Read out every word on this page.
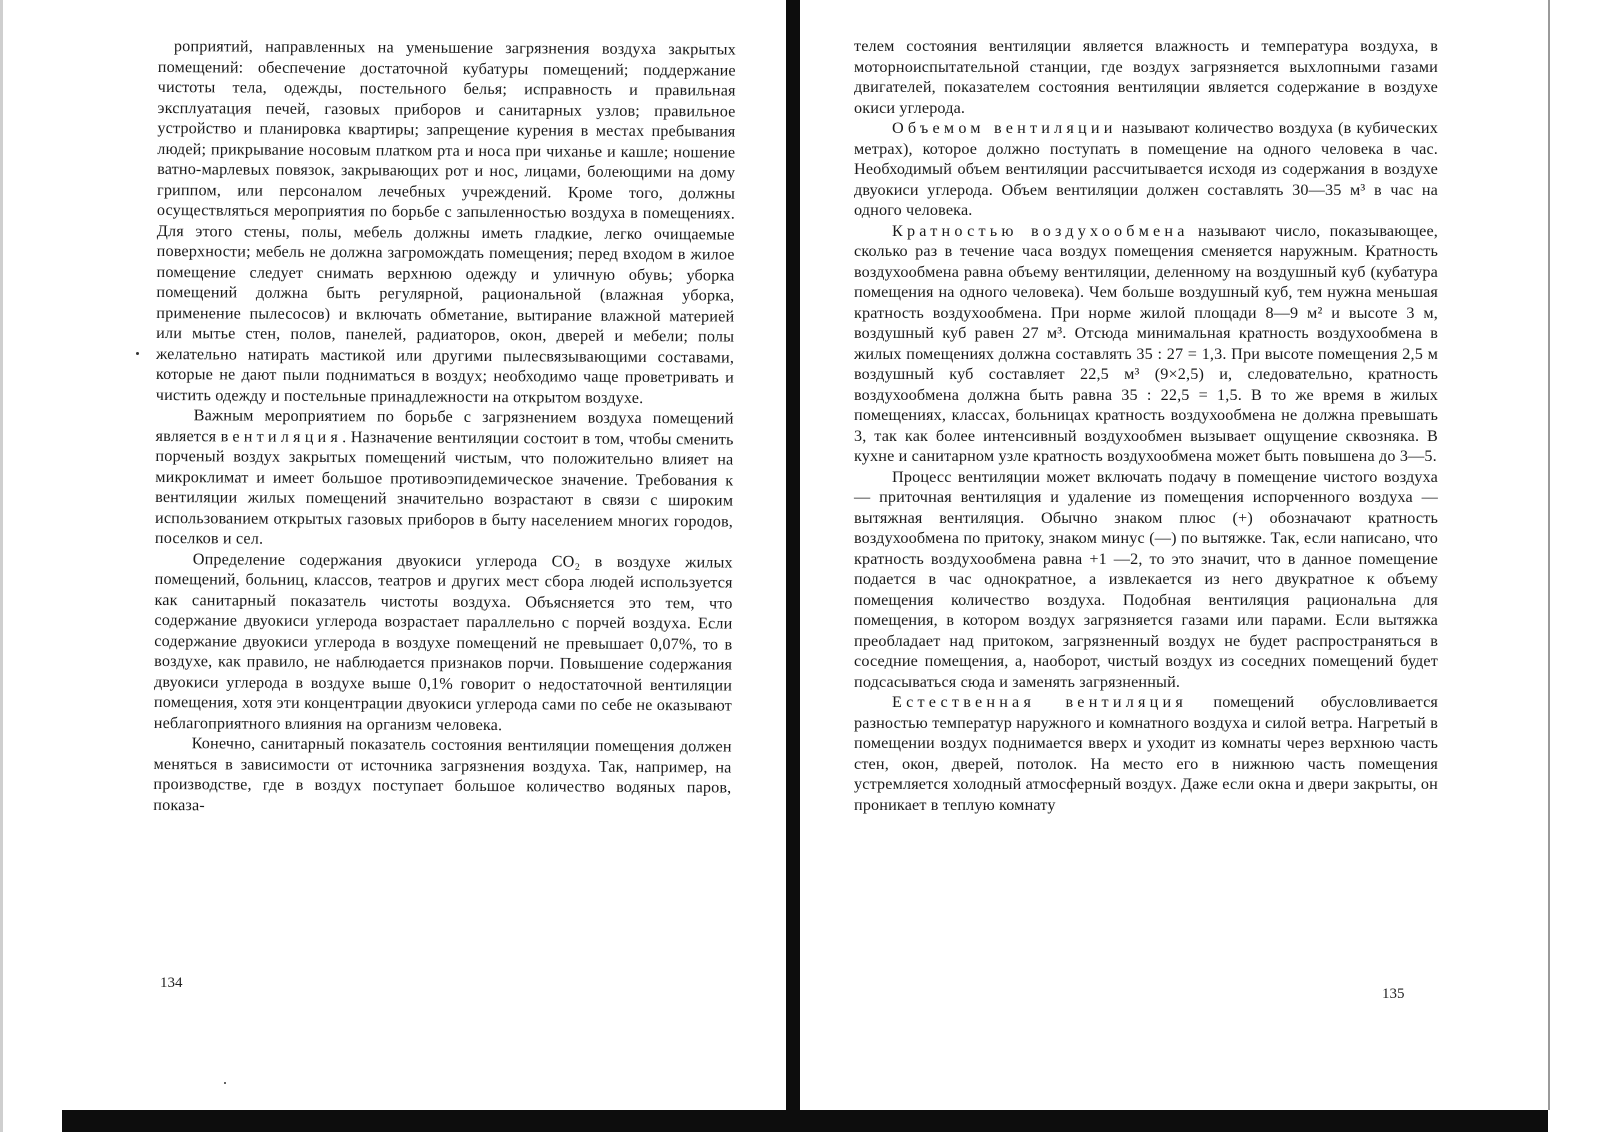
роприятий, направленных на уменьшение загрязнения воздуха закрытых помещений: обеспечение достаточной кубатуры помещений; поддержание чистоты тела, одежды, постельного белья; исправность и правильная эксплуатация печей, газовых приборов и санитарных узлов; правильное устройство и планировка квартиры; запрещение курения в местах пребывания людей; прикрывание носовым платком рта и носа при чиханье и кашле; ношение ватно-марлевых повязок, закрывающих рот и нос, лицами, болеющими на дому гриппом, или персоналом лечебных учреждений. Кроме того, должны осуществляться мероприятия по борьбе с запыленностью воздуха в помещениях. Для этого стены, полы, мебель должны иметь гладкие, легко очищаемые поверхности; мебель не должна загромождать помещения; перед входом в жилое помещение следует снимать верхнюю одежду и уличную обувь; уборка помещений должна быть регулярной, рациональной (влажная уборка, применение пылесосов) и включать обметание, вытирание влажной материей или мытье стен, полов, панелей, радиаторов, окон, дверей и мебели; полы желательно натирать мастикой или другими пылесвязывающими составами, которые не дают пыли подниматься в воздух; необходимо чаще проветривать и чистить одежду и постельные принадлежности на открытом воздухе.

Важным мероприятием по борьбе с загрязнением воздуха помещений является вентиляция. Назначение вентиляции состоит в том, чтобы сменить порченый воздух закрытых помещений чистым, что положительно влияет на микроклимат и имеет большое противоэпидемическое значение. Требования к вентиляции жилых помещений значительно возрастают в связи с широким использованием открытых газовых приборов в быту населением многих городов, поселков и сел.

Определение содержания двуокиси углерода CO₂ в воздухе жилых помещений, больниц, классов, театров и других мест сбора людей используется как санитарный показатель чистоты воздуха. Объясняется это тем, что содержание двуокиси углерода возрастает параллельно с порчей воздуха. Если содержание двуокиси углерода в воздухе помещений не превышает 0,07%, то в воздухе, как правило, не наблюдается признаков порчи. Повышение содержания двуокиси углерода в воздухе выше 0,1% говорит о недостаточной вентиляции помещения, хотя эти концентрации двуокиси углерода сами по себе не оказывают неблагоприятного влияния на организм человека.

Конечно, санитарный показатель состояния вентиляции помещения должен меняться в зависимости от источника загрязнения воздуха. Так, например, на производстве, где в воздух поступает большое количество водяных паров, показа-

134

телем состояния вентиляции является влажность и температура воздуха, в моторноиспытательной станции, где воздух загрязняется выхлопными газами двигателей, показателем состояния вентиляции является содержание в воздухе окиси углерода.

Объемом вентиляции называют количество воздуха (в кубических метрах), которое должно поступать в помещение на одного человека в час. Необходимый объем вентиляции рассчитывается исходя из содержания в воздухе двуокиси углерода. Объем вентиляции должен составлять 30—35 м³ в час на одного человека.

Кратностью воздухообмена называют число, показывающее, сколько раз в течение часа воздух помещения сменяется наружным. Кратность воздухообмена равна объему вентиляции, деленному на воздушный куб (кубатура помещения на одного человека). Чем больше воздушный куб, тем нужна меньшая кратность воздухообмена. При норме жилой площади 8—9 м² и высоте 3 м, воздушный куб равен 27 м³. Отсюда минимальная кратность воздухообмена в жилых помещениях должна составлять 35 : 27 = 1,3. При высоте помещения 2,5 м воздушный куб составляет 22,5 м³ (9×2,5) и, следовательно, кратность воздухообмена должна быть равна 35 : 22,5 = 1,5. В то же время в жилых помещениях, классах, больницах кратность воздухообмена не должна превышать 3, так как более интенсивный воздухообмен вызывает ощущение сквозняка. В кухне и санитарном узле кратность воздухообмена может быть повышена до 3—5.

Процесс вентиляции может включать подачу в помещение чистого воздуха — приточная вентиляция и удаление из помещения испорченного воздуха — вытяжная вентиляция. Обычно знаком плюс (+) обозначают кратность воздухообмена по притоку, знаком минус (—) по вытяжке. Так, если написано, что кратность воздухообмена равна +1 —2, то это значит, что в данное помещение подается в час однократное, а извлекается из него двукратное к объему помещения количество воздуха. Подобная вентиляция рациональна для помещения, в котором воздух загрязняется газами или парами. Если вытяжка преобладает над притоком, загрязненный воздух не будет распространяться в соседние помещения, а, наоборот, чистый воздух из соседних помещений будет подсасываться сюда и заменять загрязненный.

Естественная вентиляция помещений обусловливается разностью температур наружного и комнатного воздуха и силой ветра. Нагретый в помещении воздух поднимается вверх и уходит из комнаты через верхнюю часть стен, окон, дверей, потолок. На место его в нижнюю часть помещения устремляется холодный атмосферный воздух. Даже если окна и двери закрыты, он проникает в теплую комнату

135
